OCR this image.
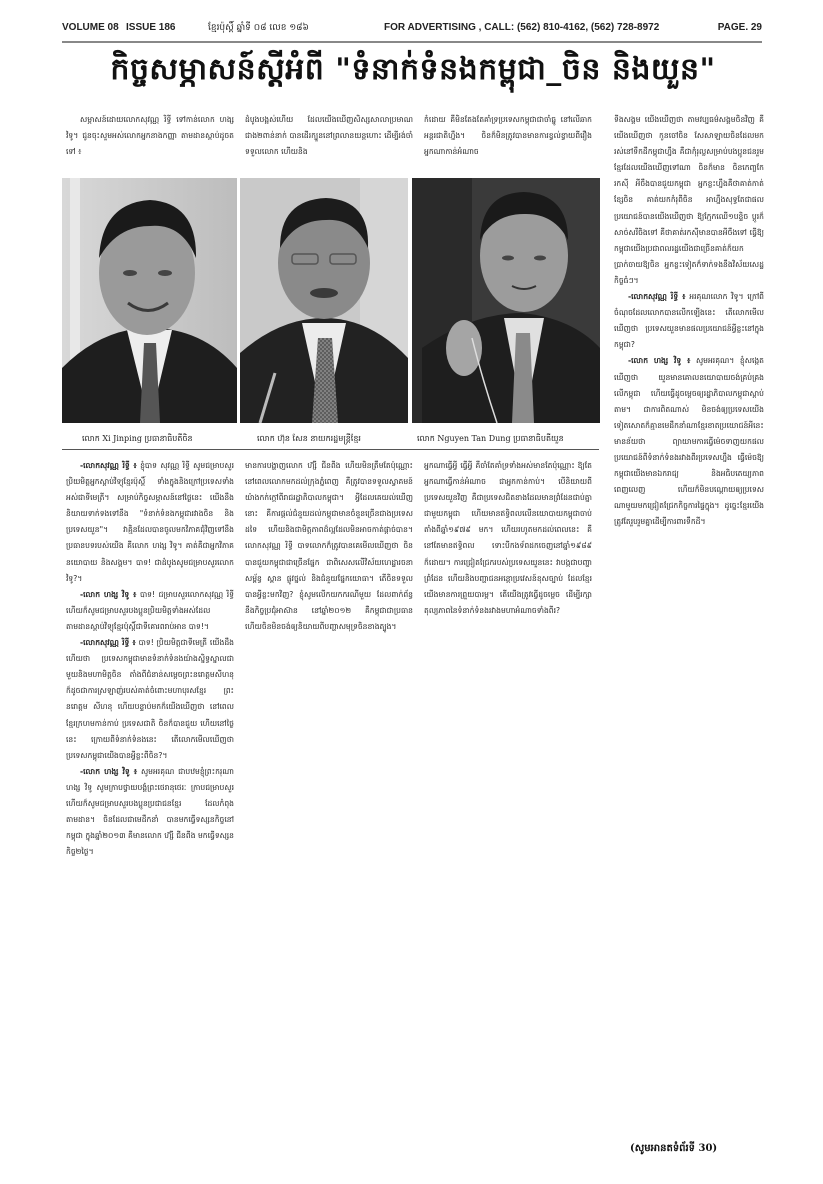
VOLUME 08 ISSUE 186	ខ្មែរប៉ុស្តិ៍ ឆ្នាំទី ០៨ លេខ ១៨៦	FOR ADVERTISING , CALL: (562) 810-4162, (562) 728-8972	PAGE. 29
កិច្ចសម្ភាសន៍ស្តីអំពី "ទំនាក់ទំនងកម្ពុជា_ចិន និងយួន"

សម្ភាសន៍ដោយលោកសុវណ្ណ រិទ្ធី ទៅកាន់លោក ហង្ស វិទូ។ ជូនចុះសួមអស់លោកអ្នកនាងកញ្ញា តាមដានស្តាប់ដូចតទៅ ៖

ដំបូងបង្អស់ហើយ ដែលយើងឃើញសិស្សសាលាប្រមាណជាង២ពាន់នាក់ បានដើរក្បួននៅព្រលានយន្តហោះ ដើម្បីរង់ចាំទទួលលោក ហើយនិង

កំដោយ គឺមិនតែងតែគាំទ្រប្រទេសកម្ពុជាជាចាំធ្នូ នៅលើឆាកអន្តរជាតិហ្នឹង។ ចិនក៏មិនត្រូវបានមានការខ្វល់ខ្វាយពីរឿងអ្នកណាកាន់អំណាច

លោក Xi Jinping ប្រធានាធិបតីចិន	លោក ហ៊ុន សែន នាយករដ្ឋមន្ត្រីខ្មែរ	លោក Nguyen Tan Dung ប្រធានាធិបតីយួន

-លោកសុវណ្ណ រិទ្ធី ៖ ខ្ញុំបាទ សុវណ្ណ រិទ្ធី សូមជម្រាបសួរប្រិយមិត្តអ្នកស្តាប់វិទ្យុខ្មែរប៉ុស្តិ៍ ទាំងក្នុងនិងក្រៅប្រទេសទាំងអស់ជាទីមេត្រី។ សម្រាប់កិច្ចសម្ភាសន៍នៅថ្ងៃនេះ យើងនឹងនិយាយទាក់ទងទៅនឹង "ទំនាក់ទំនងកម្ពុជារវាងចិន និងប្រទេសយួន"។ វាគ្មិនដែលបានចូលមកវិភាគជុំវិញទៅនឹងប្រធានបទរបស់យើង គឺលោក ហង្ស វិទូ។ គាត់គឺជាអ្នកវិភាគនយោបាយ និងសង្គម។ បាទ! ជាដំបូងសូមជម្រាបសួរលោក វិទូ?។

-លោក ហង្ស វិទូ ៖ បាទ! ជម្រាបសួរលោកសុវណ្ណ រិទ្ធី ហើយក៏សូមជម្រាបសួរបងប្អូនប្រិយមិត្តទាំងអស់ដែលតាមដានស្តាប់វិទ្យុខ្មែរប៉ុស្តិ៍ជាទីគោរពរាប់អាន បាទ!។

-លោកសុវណ្ណ រិទ្ធី ៖ បាទ! ប្រិយមិត្តជាទីមេត្រី យើងដឹងហើយថា ប្រទេសកម្ពុជាមានទំនាក់ទំនងយ៉ាងស្និទ្ធស្នាលជាមួយនិងមហាមិត្តចិន តាំងពីជំនាន់សម្តេចព្រះនរោត្តមសីហនុ ក៏ដូចជាការស្រឡាញ់របស់គាត់ចំពោះមហាបុរសខ្មែរ ព្រះនរោត្តម សីហនុ ហើយបន្ទាប់មកក៏យើងឃើញថា នៅពេលខ្មែរក្រហមកាន់កាប់ ប្រទេសជាតិ ចិនក៏បានជួយ ហើយនៅថ្ងៃនេះ ក្រោយពីទំនាក់ទំនងនេះ តើលោកមើលឃើញថា ប្រទេសកម្ពុជាយើងបានអ្វីខ្លះពីចិន?។

-លោក ហង្ស វិទូ ៖ សូមអរគុណ ជាបឋមខ្ញុំព្រះករុណា ហង្ស វិទូ សូមក្រាបថ្វាយបង្គំព្រះថេរានុថេរៈ ក្រាបជម្រាបសួរ ហើយក៏សូមជម្រាបសួរបងប្អូនប្រជាជនខ្មែរ ដែលកំពុងតាមដាន។ ចិនដែលជាមេដឹកនាំ បានមកធ្វើទស្សនកិច្ចនៅកម្ពុជា ក្នុងឆ្នាំ២០១៣ គឺមានលោក ហ៊្សី ជីនពីង មកធ្វើទស្សនកិច្ច២ថ្ងៃ។

មានការបង្ហាញលោក ហ៊្សី ជីនពីង ហើយមិនត្រឹមតែប៉ុណ្ណោះ នៅពេលលោកមកដល់ក្រុងភ្នំពេញ គឺត្រូវបានទទួលស្វាគមន៍យ៉ាងកក់ក្តៅពីរាជរដ្ឋាភិបាលកម្ពុជា។ អ្វីដែលគេយល់ឃើញនោះ គឺការផ្តល់ជំនួយដល់កម្ពុជាមានចំនួនច្រើនជាងប្រទេសដទៃ ហើយនិងជាមិត្តភាពដ៏ល្អដែលមិនអាចកាត់ផ្តាច់បាន។ លោកសុវណ្ណ រិទ្ធី បាទលោកក៏ត្រូវបានគេមើលឃើញថា ចិនបានជួយកម្ពុជាជាច្រើនផ្នែក ជាពិសេសលើវិស័យហេដ្ឋារចនាសម្ព័ន្ធ ស្ពាន ផ្លូវថ្នល់ និងជំនួយផ្នែកយោធា។ តើចិនទទួលបានអ្វីខ្លះមកវិញ? ខ្ញុំសូមលើកយកករណីមួយ ដែលពាក់ព័ន្ធនឹងកិច្ចប្រជុំអាស៊ាន នៅឆ្នាំ២០១២ គឺកម្ពុជាជាប្រធាន ហើយចិនមិនចង់ឲ្យនិយាយពីបញ្ហាសមុទ្រចិនខាងត្បូង។

អ្នកណាធ្វើអ្វី ធ្វើអ្វី គឺចាំតែគាំទ្រទាំងអស់មានតែប៉ុណ្ណោះ ឱ្យតែអ្នកណាធ្វើកាន់អំណាច ជាអ្នកកាន់កាប់។ បើនិយាយពីប្រទេសយួនវិញ គឺជាប្រទេសជិតខាងដែលមានព្រំដែនជាប់គ្នាជាមួយកម្ពុជា ហើយមានឥទ្ធិពលលើនយោបាយកម្ពុជាចាប់តាំងពីឆ្នាំ១៩៧៩ មក។ ហើយរហូតមកដល់ពេលនេះ គឺនៅតែមានឥទ្ធិពល ទោះបីកងទ័ពដកចេញនៅឆ្នាំ១៩៨៩ ក៏ដោយ។ ការជ្រៀតជ្រែករបស់ប្រទេសយួននេះ វាបង្កជាបញ្ហាព្រំដែន ហើយនិងបញ្ហាជនអន្តោប្រវេសន៍ខុសច្បាប់ ដែលខ្មែរយើងមានការព្រួយបារម្ភ។ តើយើងត្រូវធ្វើដូចម្តេច ដើម្បីរក្សាតុល្យភាពនៃទំនាក់ទំនងរវាងមហាអំណាចទាំងពីរ?

ទីងសង្គម យើងឃើញថា តាមវប្បធម៌សង្គមចិនវិញ គឺយើងឃើញថា កូនចៅចិន សែសាឡាយចិនដែលមករស់នៅទឹកដីកម្ពុជាហ្នឹង គឺជាកុំរុល្លសម្រាប់បងប្អូនជនរួមខ្មែរដែលយើងឃើញទៅណា ចិនក៏មាន ចិនកេញ្ចកែរកស៊ី អីចឹងបានជួយកម្ពុជា អ្នកខ្លះហ្នឹងគឺថាគាត់កាត់ខ្សែចិន គាត់យកកំរុពីចិន អាហ្នឹងសុទ្ធតែជាផលប្រយោជន៍បានយើងឃើញថា ឱ្យកែ្មកឈើ១បន្ទិច ប្តូរក៏សាច់សរីចិងទៅ គឺថាគាត់រកស៊ីមានបានអីចឹងទៅ ធ្វើឱ្យកម្ពុជាយើងប្រជាពលរដ្ឋយើងជាច្រើនគាត់ក៏យកប្រាក់ចាយឱ្យចិន អ្នកខ្លះទៀតក៏ទាក់ទងនឹងវិស័យសេដ្ឋកិច្ចធំៗ។

-លោកសុវណ្ណ រិទ្ធី ៖ អរគុណលោក វិទូ។ ក្រៅពីចំណុចដែលលោកបានលើកឡើងនេះ តើលោកមើលឃើញថា ប្រទេសយួនមានផលប្រយោជន៍អ្វីខ្លះនៅក្នុងកម្ពុជា?

-លោក ហង្ស វិទូ ៖ សូមអរគុណ។ ខ្ញុំសង្កេតឃើញថា យួនមានគោលនយោបាយចង់គ្រប់គ្រងលើកម្ពុជា ហើយធ្វើដូចម្តេចឲ្យរដ្ឋាភិបាលកម្ពុជាស្តាប់តាម។ ជាការពិតណាស់ មិនចង់ឲ្យប្រទេសយើងទៀតសោតក៏គ្មានមេដឹកនាំណាខ្មែរខាតប្រយោជន៍អីនេះ មានន័យថា ព្យាយាមការធ្វើម៉េចទាញយកផលប្រយោជន៍ពីទំនាក់ទំនងរវាងពីរប្រទេសហ្នឹង ធ្វើម៉េចឱ្យកម្ពុជាយើងមានឯករាជ្យ និងអធិបតេយ្យភាពពេញលេញ ហើយក៏មិនបណ្តោយឲ្យប្រទេសណាមួយមកជ្រៀតជ្រែកកិច្ចការផ្ទៃក្នុង។ ដូច្នេះខ្មែរយើងត្រូវតែរួបរួមគ្នាដើម្បីការពារទឹកដី។

(សូមអានតទំព័រទី 30)
